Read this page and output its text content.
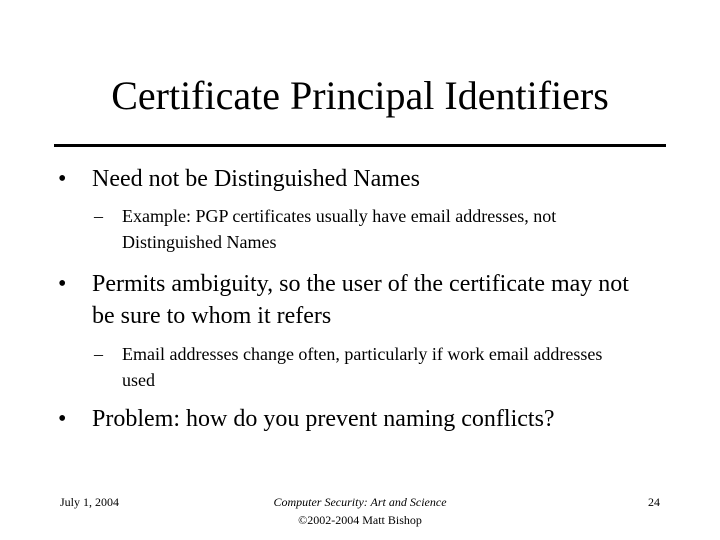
Certificate Principal Identifiers
• Need not be Distinguished Names
– Example: PGP certificates usually have email addresses, not Distinguished Names
• Permits ambiguity, so the user of the certificate may not be sure to whom it refers
– Email addresses change often, particularly if work email addresses used
• Problem: how do you prevent naming conflicts?
July 1, 2004	Computer Security: Art and Science
©2002-2004 Matt Bishop
24
